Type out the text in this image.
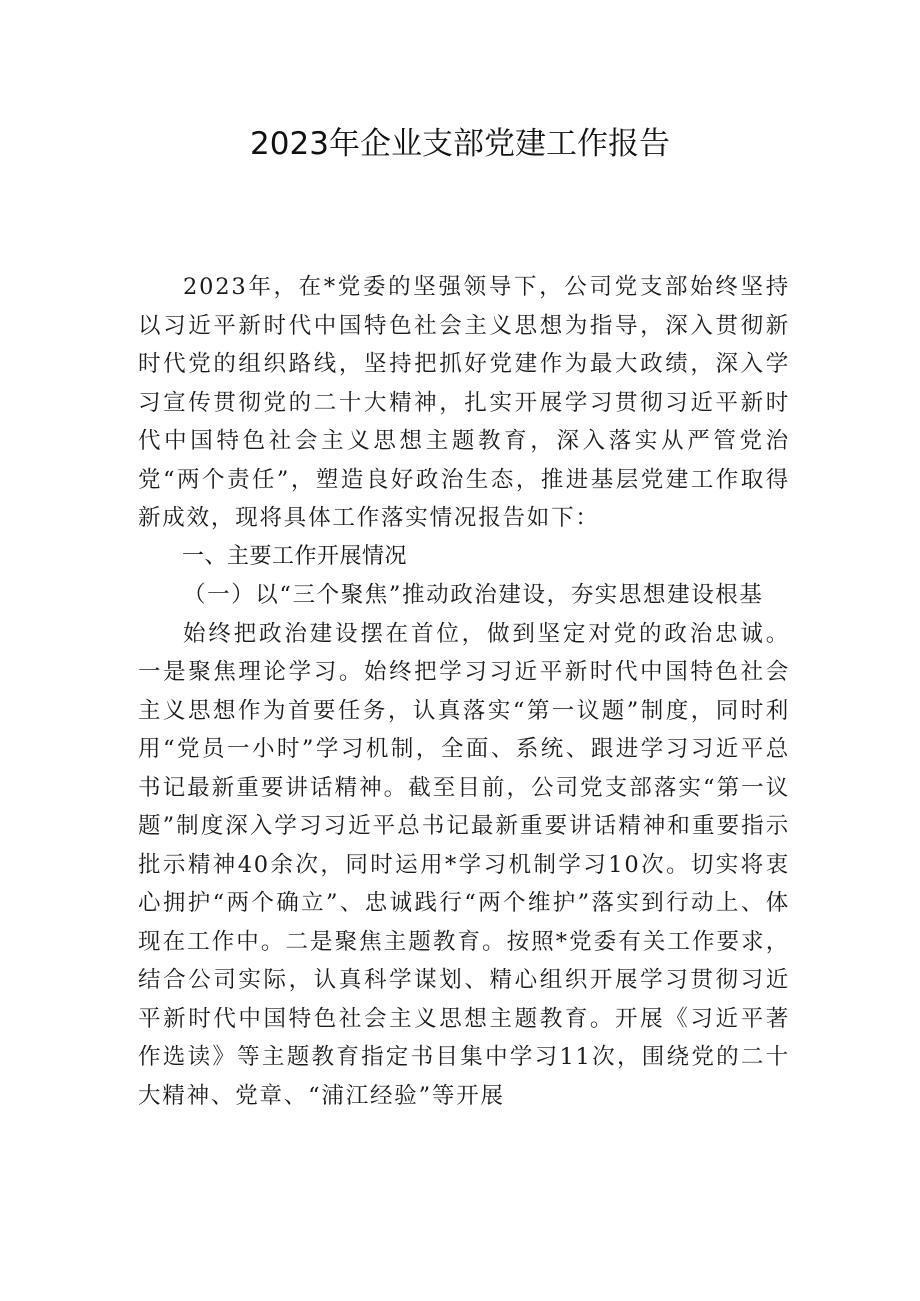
2023年企业支部党建工作报告

2023年，在*党委的坚强领导下，公司党支部始终坚持以习近平新时代中国特色社会主义思想为指导，深入贯彻新时代党的组织路线，坚持把抓好党建作为最大政绩，深入学习宣传贯彻党的二十大精神，扎实开展学习贯彻习近平新时代中国特色社会主义思想主题教育，深入落实从严管党治党“两个责任”，塑造良好政治生态，推进基层党建工作取得新成效，现将具体工作落实情况报告如下：

一、主要工作开展情况

（一）以“三个聚焦”推动政治建设，夯实思想建设根基

始终把政治建设摆在首位，做到坚定对党的政治忠诚。一是聚焦理论学习。始终把学习习近平新时代中国特色社会主义思想作为首要任务，认真落实“第一议题”制度，同时利用“党员一小时”学习机制，全面、系统、跟进学习习近平总书记最新重要讲话精神。截至目前，公司党支部落实“第一议题”制度深入学习习近平总书记最新重要讲话精神和重要指示批示精神40余次，同时运用*学习机制学习10次。切实将衷心拥护“两个确立”、忠诚践行“两个维护”落实到行动上、体现在工作中。二是聚焦主题教育。按照*党委有关工作要求，结合公司实际，认真科学谋划、精心组织开展学习贯彻习近平新时代中国特色社会主义思想主题教育。开展《习近平著作选读》等主题教育指定书目集中学习11次，围绕党的二十大精神、党章、“浦江经验”等开展
